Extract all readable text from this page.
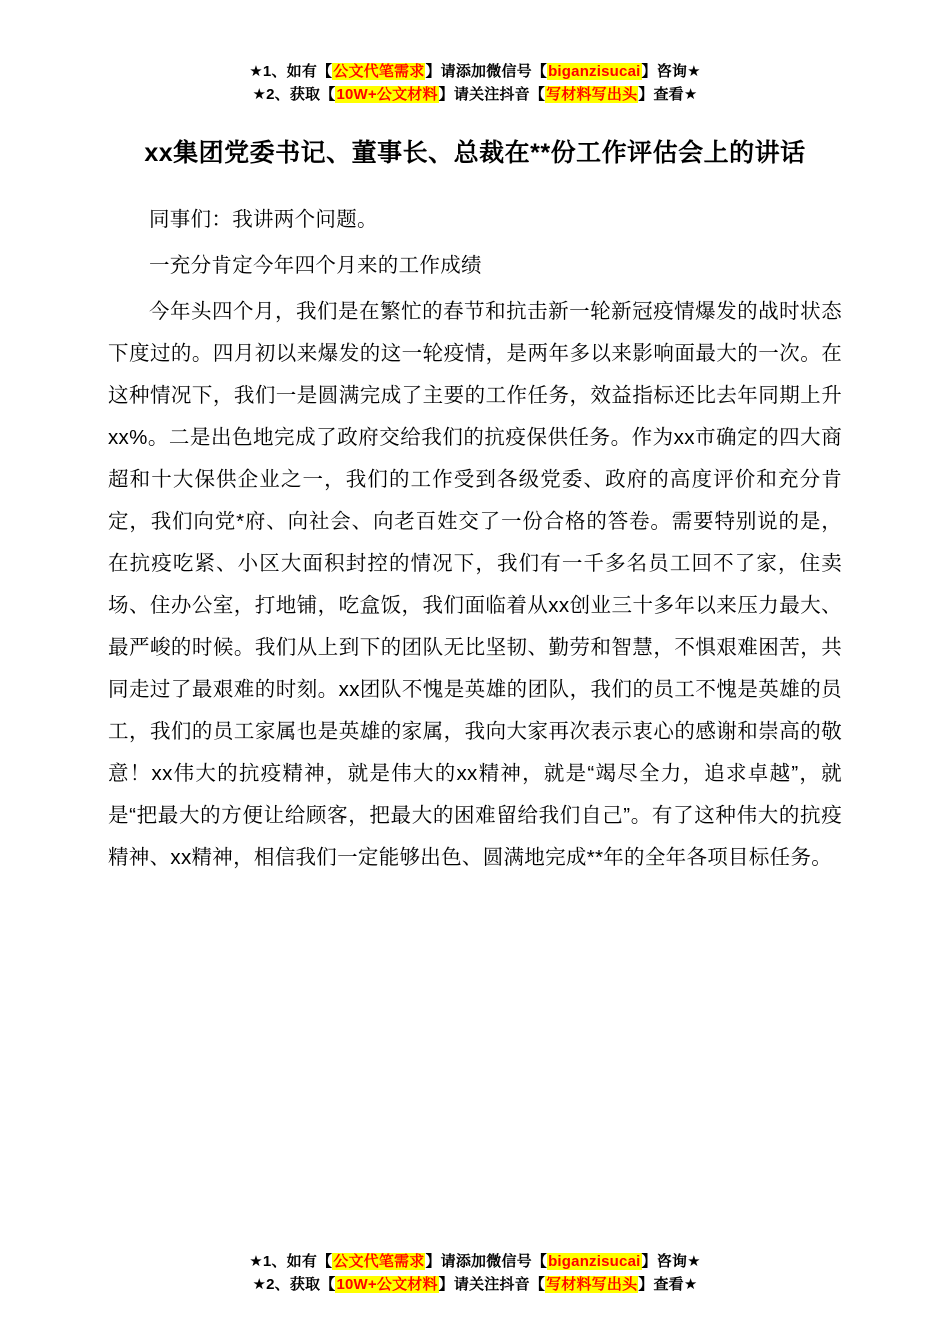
★1、如有【公文代笔需求】请添加微信号【biganzisucai】咨询★
★2、获取【10W+公文材料】请关注抖音【写材料写出头】查看★
xx集团党委书记、董事长、总裁在**份工作评估会上的讲话

同事们：我讲两个问题。

一充分肯定今年四个月来的工作成绩

今年头四个月，我们是在繁忙的春节和抗击新一轮新冠疫情爆发的战时状态下度过的。四月初以来爆发的这一轮疫情，是两年多以来影响面最大的一次。在这种情况下，我们一是圆满完成了主要的工作任务，效益指标还比去年同期上升xx%。二是出色地完成了政府交给我们的抗疫保供任务。作为xx市确定的四大商超和十大保供企业之一，我们的工作受到各级党委、政府的高度评价和充分肯定，我们向党*府、向社会、向老百姓交了一份合格的答卷。需要特别说的是，在抗疫吃紧、小区大面积封控的情况下，我们有一千多名员工回不了家，住卖场、住办公室，打地铺，吃盒饭，我们面临着从xx创业三十多年以来压力最大、最严峻的时候。我们从上到下的团队无比坚韧、勤劳和智慧，不惧艰难困苦，共同走过了最艰难的时刻。xx团队不愧是英雄的团队，我们的员工不愧是英雄的员工，我们的员工家属也是英雄的家属，我向大家再次表示衷心的感谢和崇高的敬意！xx伟大的抗疫精神，就是伟大的xx精神，就是“竭尽全力，追求卓越”，就是“把最大的方便让给顾客，把最大的困难留给我们自己”。有了这种伟大的抗疫精神、xx精神，相信我们一定能够出色、圆满地完成**年的全年各项目标任务。

★1、如有【公文代笔需求】请添加微信号【biganzisucai】咨询★
★2、获取【10W+公文材料】请关注抖音【写材料写出头】查看★
